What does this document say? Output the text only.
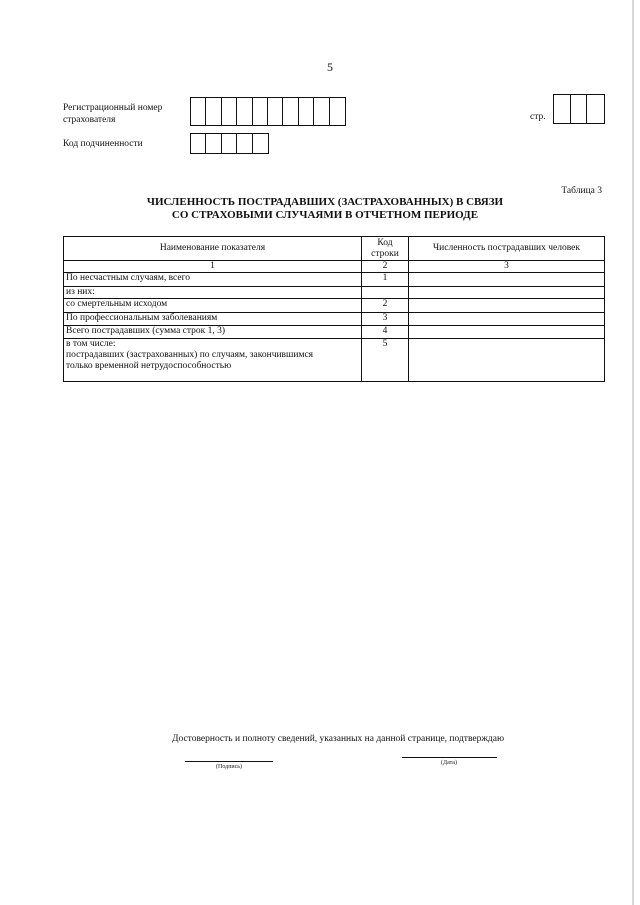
5
Регистрационный номер
страхователя	стр.
Код подчиненности
Таблица 3
ЧИСЛЕННОСТЬ ПОСТРАДАВШИХ (ЗАСТРАХОВАННЫХ) В СВЯЗИ
СО СТРАХОВЫМИ СЛУЧАЯМИ В ОТЧЕТНОМ ПЕРИОДЕ
Наименование показателя	Код строки	Численность пострадавших человек
1	2	3
По несчастным случаям, всего	1	
из них:		
со смертельным исходом	2	
По профессиональным заболеваниям	3	
Всего пострадавших (сумма строк 1, 3)	4	

в том числе:
пострадавших (застрахованных) по случаям, закончившимся
только временной нетрудоспособностью	5	
Достоверность и полноту сведений, указанных на данной странице, подтверждаю
(Подпись)
(Дата)
